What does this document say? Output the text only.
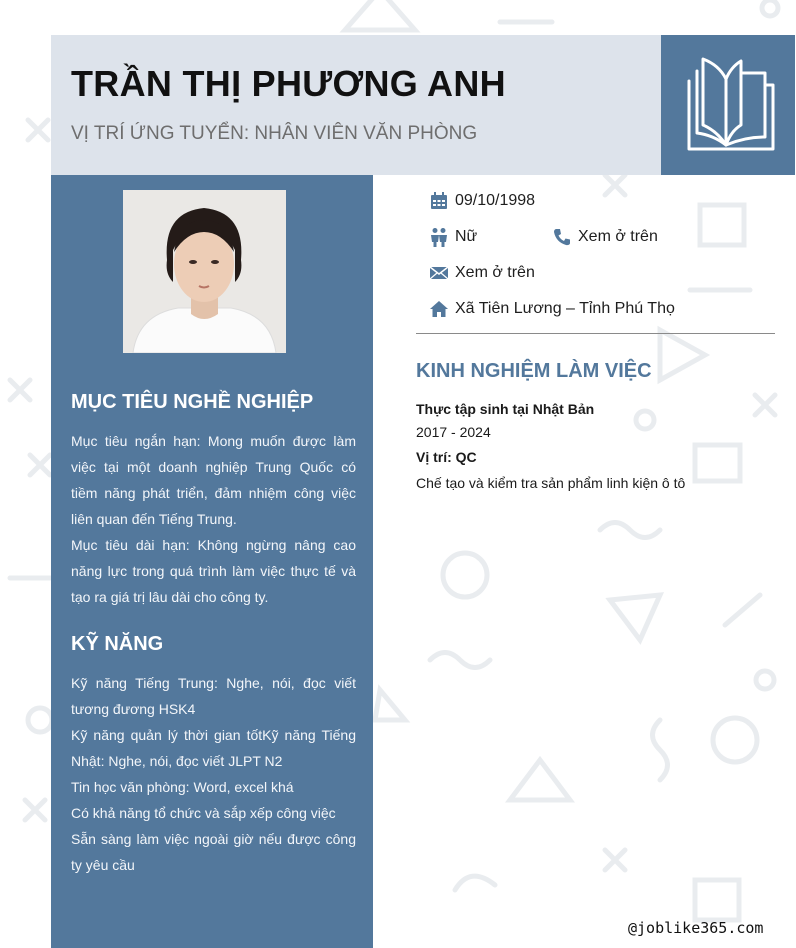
TRẦN THỊ PHƯƠNG ANH
VỊ TRÍ ỨNG TUYỂN: NHÂN VIÊN VĂN PHÒNG
MỤC TIÊU NGHỀ NGHIỆP

Mục tiêu ngắn hạn: Mong muốn được làm việc tại một doanh nghiệp Trung Quốc có tiềm năng phát triển, đảm nhiệm công việc liên quan đến Tiếng Trung.

Mục tiêu dài hạn: Không ngừng nâng cao năng lực trong quá trình làm việc thực tế và tạo ra giá trị lâu dài cho công ty.

KỸ NĂNG

Kỹ năng Tiếng Trung: Nghe, nói, đọc viết tương đương HSK4

Kỹ năng quản lý thời gian tốtKỹ năng Tiếng Nhật: Nghe, nói, đọc viết JLPT N2

Tin học văn phòng: Word, excel khá

Có khả năng tổ chức và sắp xếp công việc

Sẵn sàng làm việc ngoài giờ nếu được công ty yêu cầu

09/10/1998
Nữ	Xem ở trên
Xem ở trên
Xã Tiên Lương – Tỉnh Phú Thọ
KINH NGHIỆM LÀM VIỆC
Thực tập sinh tại Nhật Bản
2017 - 2024
Vị trí: QC
Chế tạo và kiểm tra sản phẩm linh kiện ô tô
@joblike365.com
